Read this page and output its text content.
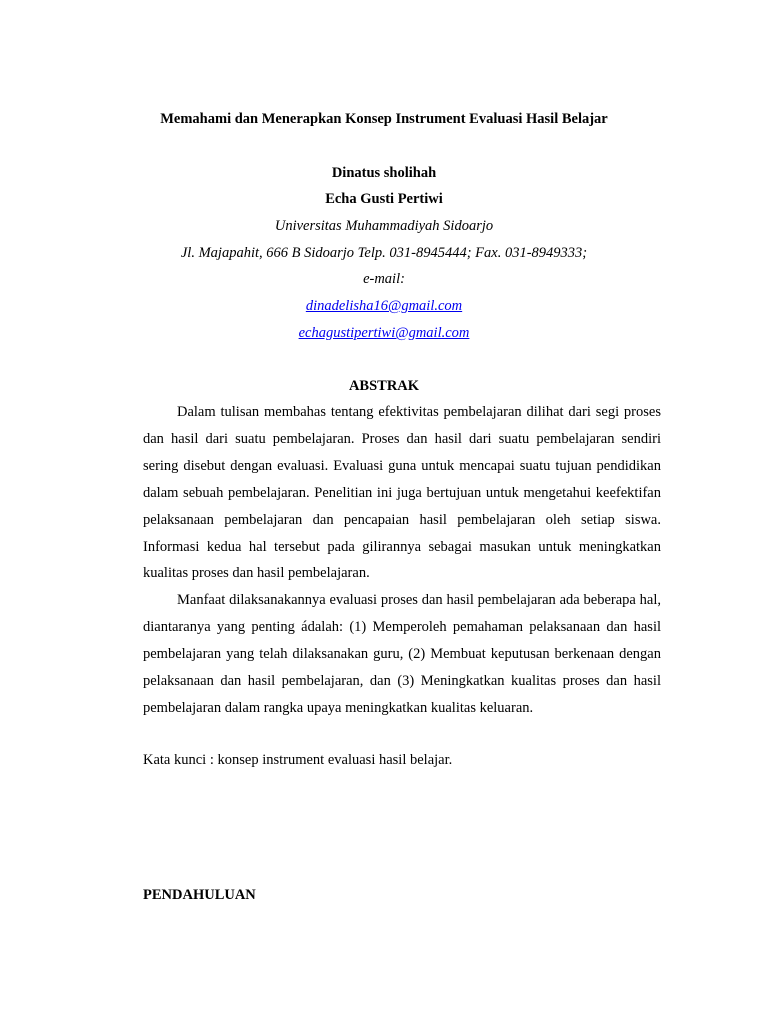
Memahami dan Menerapkan Konsep Instrument Evaluasi Hasil Belajar
Dinatus sholihah
Echa Gusti Pertiwi
Universitas Muhammadiyah Sidoarjo
Jl. Majapahit, 666 B Sidoarjo Telp. 031-8945444; Fax. 031-8949333;
e-mail:
dinadelisha16@gmail.com
echagustipertiwi@gmail.com
ABSTRAK

Dalam tulisan membahas tentang efektivitas pembelajaran dilihat dari segi proses dan hasil dari suatu pembelajaran. Proses dan hasil dari suatu pembelajaran sendiri sering disebut dengan evaluasi. Evaluasi guna untuk mencapai suatu tujuan pendidikan dalam sebuah pembelajaran. Penelitian ini juga bertujuan untuk mengetahui keefektifan pelaksanaan pembelajaran dan pencapaian hasil pembelajaran oleh setiap siswa. Informasi kedua hal tersebut pada gilirannya sebagai masukan untuk meningkatkan kualitas proses dan hasil pembelajaran.

Manfaat dilaksanakannya evaluasi proses dan hasil pembelajaran ada beberapa hal, diantaranya yang penting ádalah: (1) Memperoleh pemahaman pelaksanaan dan hasil pembelajaran yang telah dilaksanakan guru, (2) Membuat keputusan berkenaan dengan pelaksanaan dan hasil pembelajaran, dan (3) Meningkatkan kualitas proses dan hasil pembelajaran dalam rangka upaya meningkatkan kualitas keluaran.

Kata kunci : konsep instrument evaluasi hasil belajar.
PENDAHULUAN
